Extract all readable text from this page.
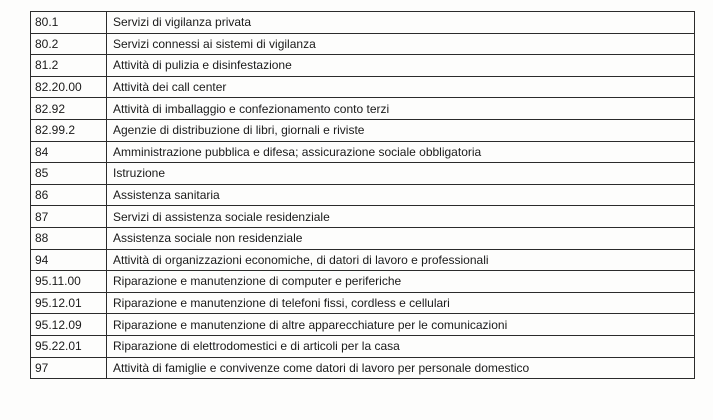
80.1	Servizi di vigilanza privata
80.2	Servizi connessi ai sistemi di vigilanza
81.2	Attività di pulizia e disinfestazione
82.20.00	Attività dei call center
82.92	Attività di imballaggio e confezionamento conto terzi
82.99.2	Agenzie di distribuzione di libri, giornali e riviste
84	Amministrazione pubblica e difesa; assicurazione sociale obbligatoria
85	Istruzione
86	Assistenza sanitaria
87	Servizi di assistenza sociale residenziale
88	Assistenza sociale non residenziale
94	Attività di organizzazioni economiche, di datori di lavoro e professionali
95.11.00	Riparazione e manutenzione di computer e periferiche
95.12.01	Riparazione e manutenzione di telefoni fissi, cordless e cellulari
95.12.09	Riparazione e manutenzione di altre apparecchiature per le comunicazioni
95.22.01	Riparazione di elettrodomestici e di articoli per la casa
97	Attività di famiglie e convivenze come datori di lavoro per personale domestico
